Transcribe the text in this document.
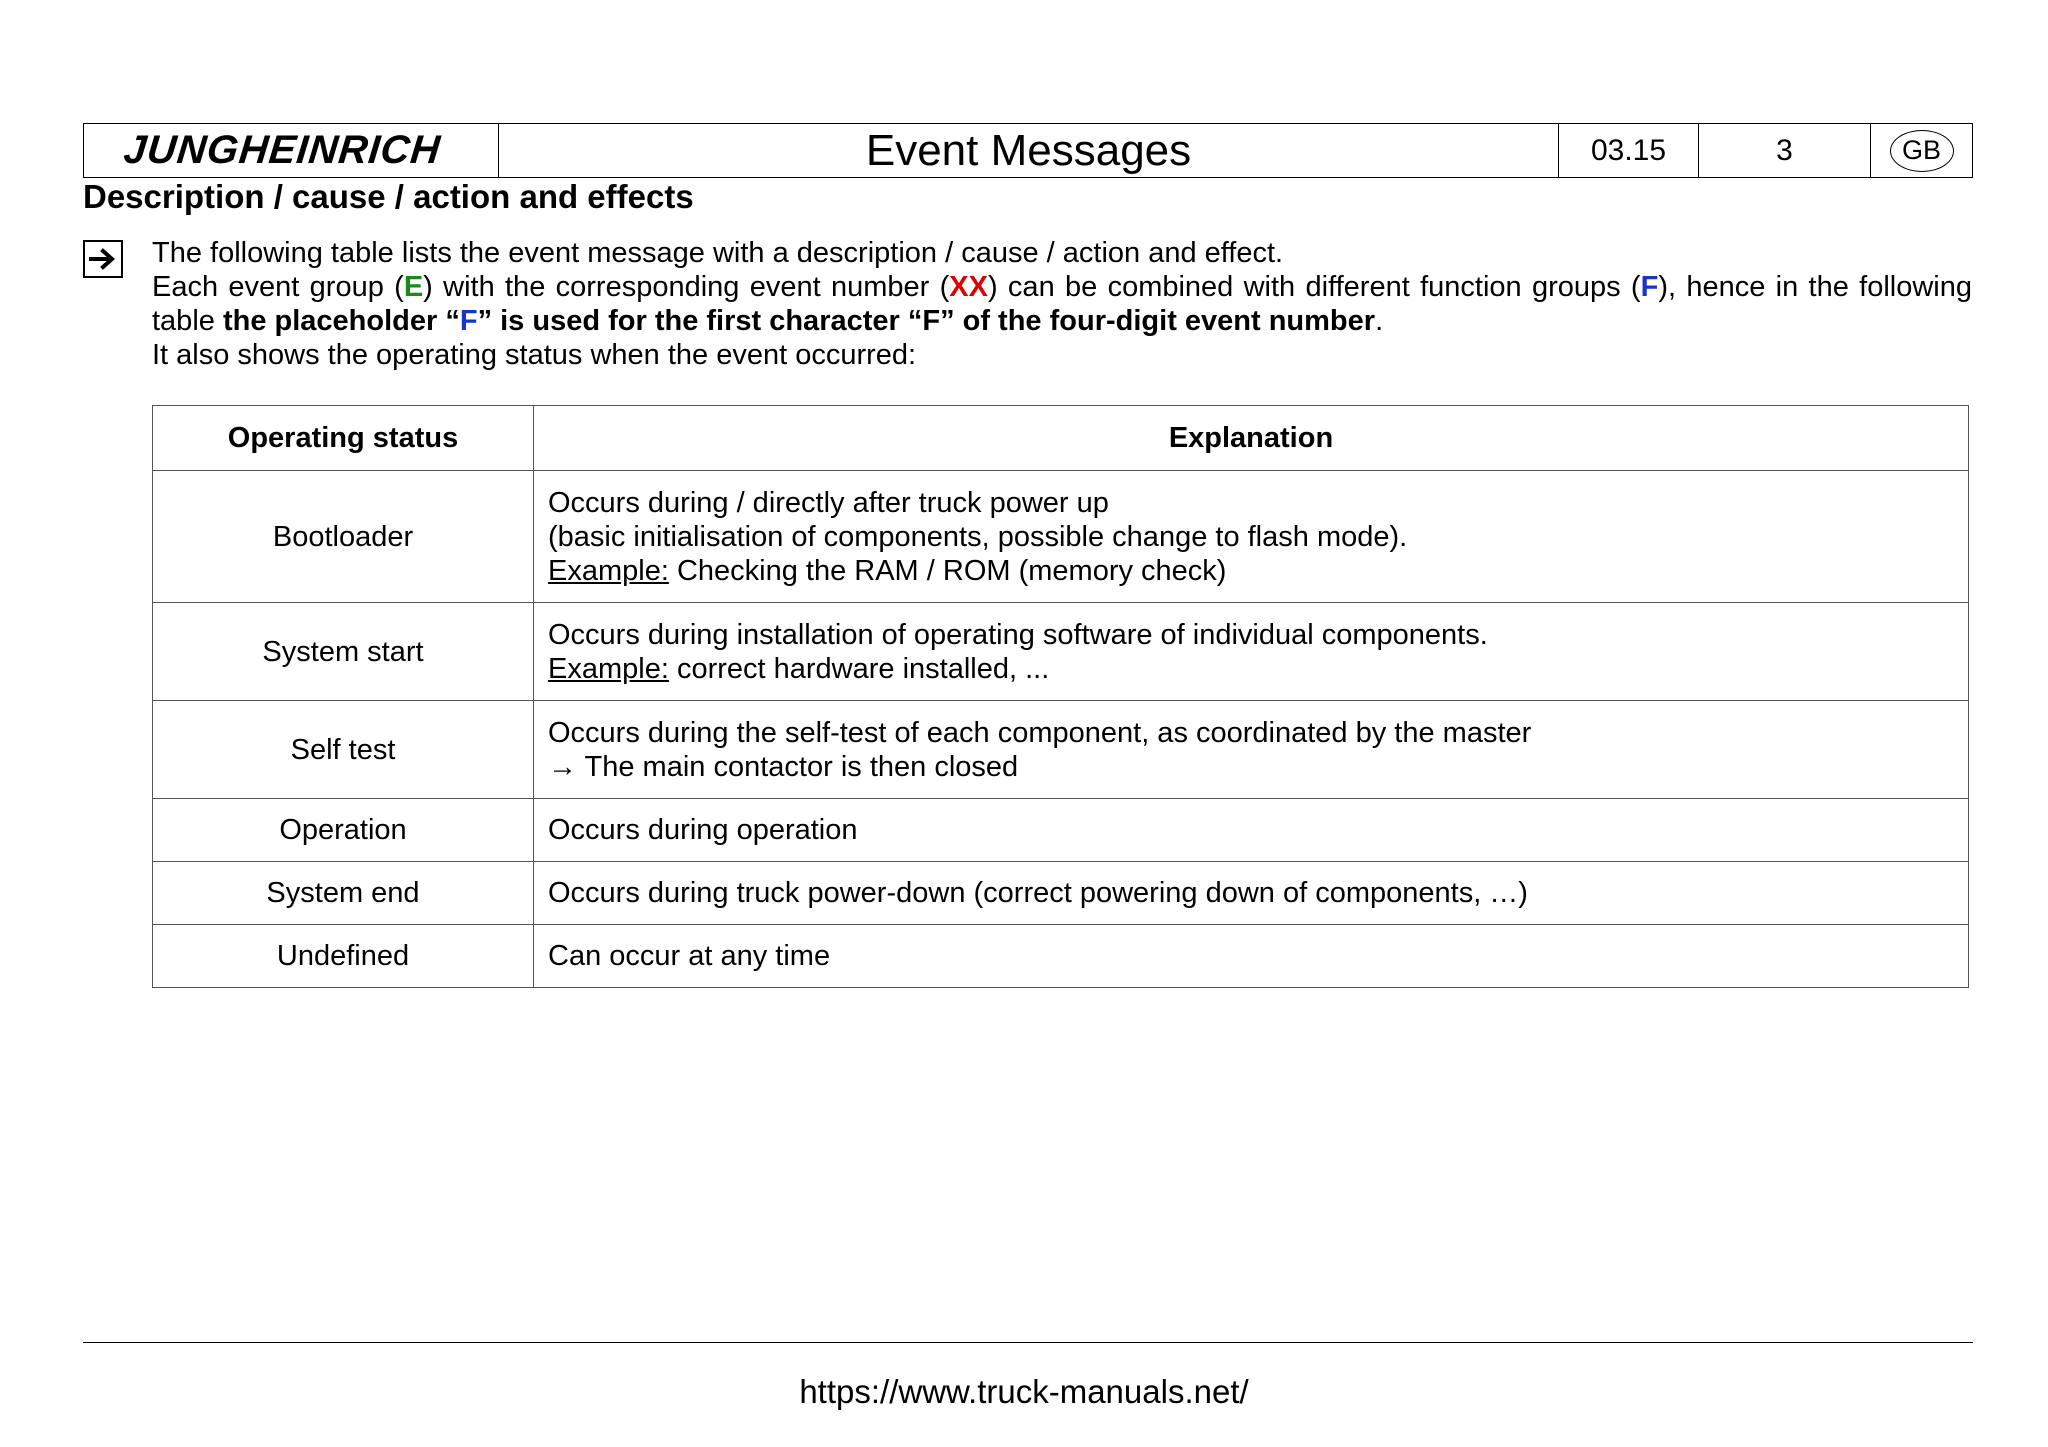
JUNGHEINRICH	Event Messages	03.15	3	GB
Description / cause / action and effects

The following table lists the event message with a description / cause / action and effect.

Each event group (E) with the corresponding event number (XX) can be combined with different function groups (F), hence in the following table the placeholder “F” is used for the first character “F” of the four-digit event number.

It also shows the operating status when the event occurred:

Operating status	Explanation
Bootloader	Occurs during / directly after truck power up
(basic initialisation of components, possible change to flash mode).
Example: Checking the RAM / ROM (memory check)

System start	Occurs during installation of operating software of individual components.
Example: correct hardware installed, ...

Self test	Occurs during the self-test of each component, as coordinated by the master
→ The main contactor is then closed

Operation	Occurs during operation
System end	Occurs during truck power-down (correct powering down of components, …)
Undefined	Can occur at any time
https://www.truck-manuals.net/
